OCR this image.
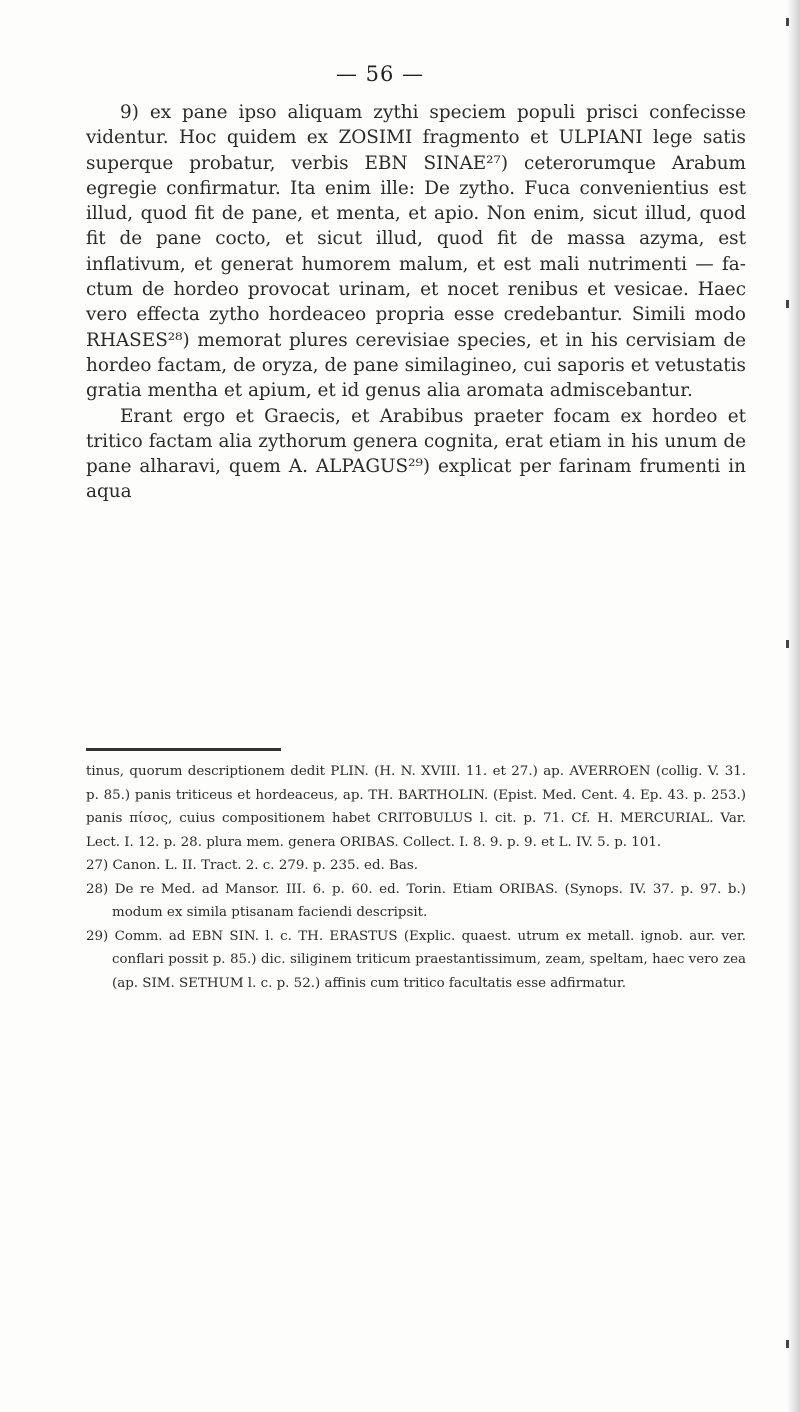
— 56 —

9) ex pane ipso aliquam zythi speciem populi prisci confecisse videntur. Hoc quidem ex ZOSIMI fragmento et ULPIANI lege satis superque probatur, verbis EBN SINAE²⁷) ceterorumque Arabum egregie confirmatur. Ita enim ille: De zytho. Fuca convenientius est illud, quod fit de pane, et menta, et apio. Non enim, sicut illud, quod fit de pane cocto, et sicut illud, quod fit de massa azyma, est inflativum, et generat humorem malum, et est mali nutrimenti — factum de hordeo provocat urinam, et nocet renibus et vesicae. Haec vero effecta zytho hordeaceo propria esse credebantur. Simili modo RHASES²⁸) memorat plures cerevisiae species, et in his cervisiam de hordeo factam, de oryza, de pane similagineo, cui saporis et vetustatis gratia mentha et apium, et id genus alia aromata admiscebantur.

Erant ergo et Graecis, et Arabibus praeter focam ex hordeo et tritico factam alia zythorum genera cognita, erat etiam in his unum de pane alharavi, quem A. ALPAGUS²⁹) explicat per farinam frumenti in aqua

tinus, quorum descriptionem dedit PLIN. (H. N. XVIII. 11. et 27.) ap. AVERROEN (collig. V. 31. p. 85.) panis triticeus et hordeaceus, ap. TH. BARTHOLIN. (Epist. Med. Cent. 4. Ep. 43. p. 253.) panis πίσος, cuius compositionem habet CRITOBULUS l. cit. p. 71. Cf. H. MERCURIAL. Var. Lect. I. 12. p. 28. plura mem. genera ORIBAS. Collect. I. 8. 9. p. 9. et L. IV. 5. p. 101.

27) Canon. L. II. Tract. 2. c. 279. p. 235. ed. Bas.

28) De re Med. ad Mansor. III. 6. p. 60. ed. Torin. Etiam ORIBAS. (Synops. IV. 37. p. 97. b.) modum ex simila ptisanam faciendi descripsit.

29) Comm. ad EBN SIN. l. c. TH. ERASTUS (Explic. quaest. utrum ex metall. ignob. aur. ver. conflari possit p. 85.) dic. siliginem triticum praestantissimum, zeam, speltam, haec vero zea (ap. SIM. SETHUM l. c. p. 52.) affinis cum tritico facultatis esse adfirmatur.
